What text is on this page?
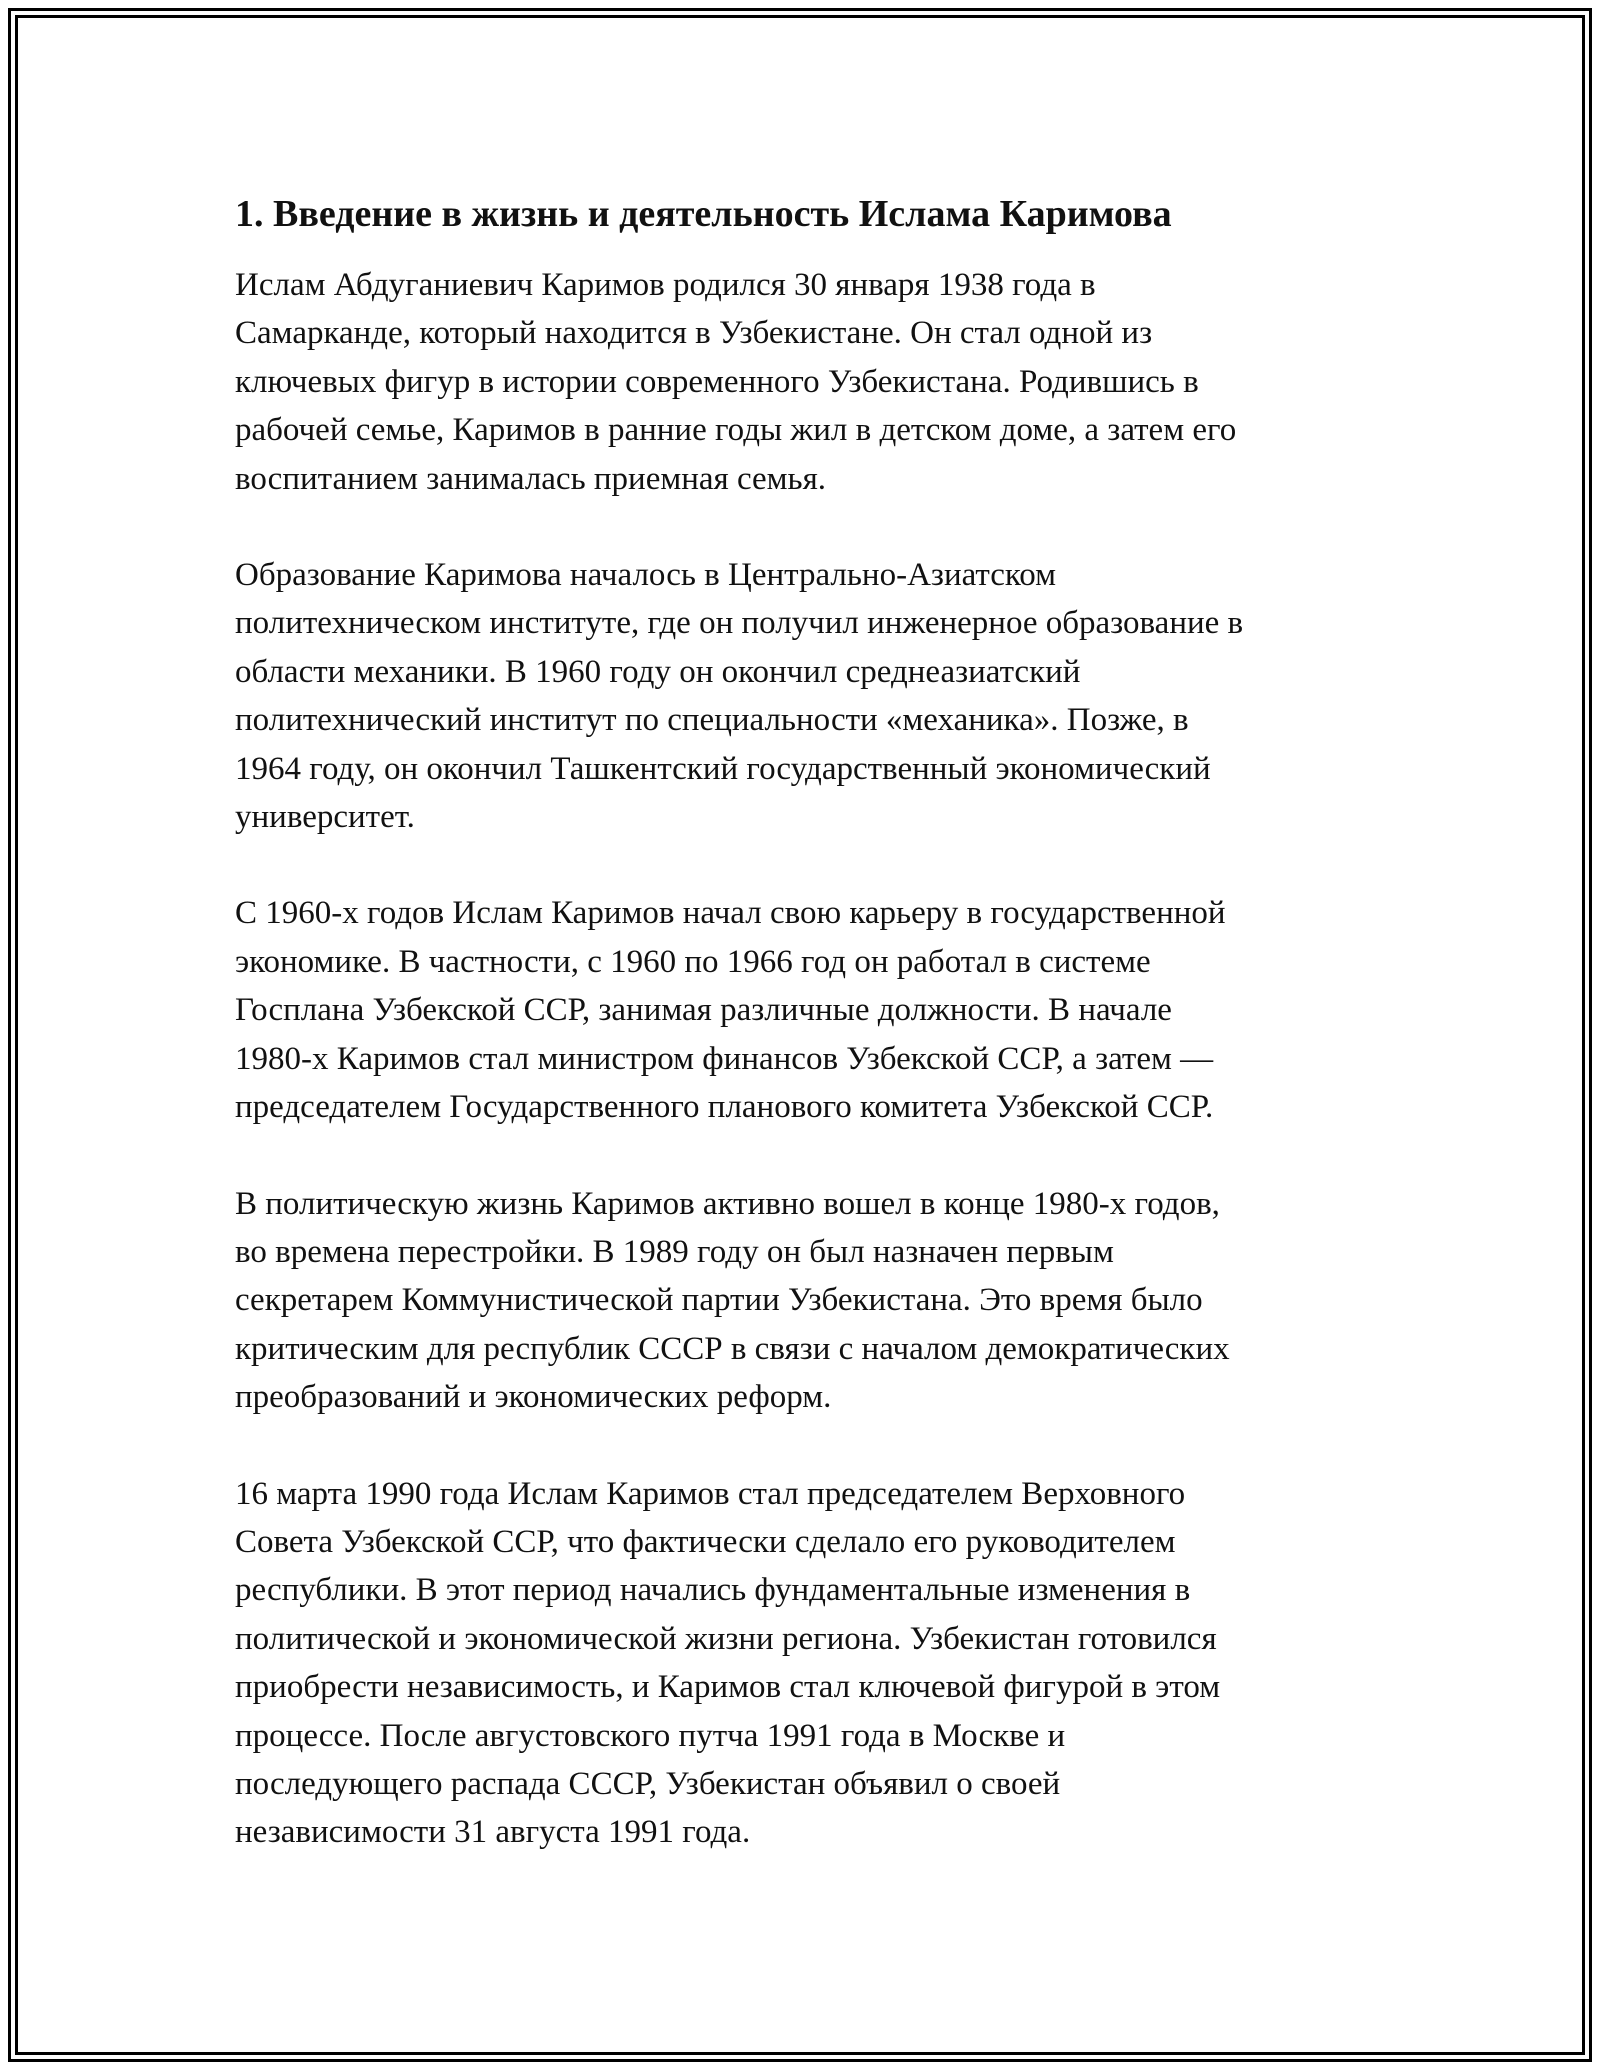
1. Введение в жизнь и деятельность Ислама Каримова

Ислам Абдуганиевич Каримов родился 30 января 1938 года в
Самарканде, который находится в Узбекистане. Он стал одной из
ключевых фигур в истории современного Узбекистана. Родившись в
рабочей семье, Каримов в ранние годы жил в детском доме, а затем его
воспитанием занималась приемная семья.

Образование Каримова началось в Центрально-Азиатском
политехническом институте, где он получил инженерное образование в
области механики. В 1960 году он окончил среднеазиатский
политехнический институт по специальности «механика». Позже, в
1964 году, он окончил Ташкентский государственный экономический
университет.

С 1960-х годов Ислам Каримов начал свою карьеру в государственной
экономике. В частности, с 1960 по 1966 год он работал в системе
Госплана Узбекской ССР, занимая различные должности. В начале
1980-х Каримов стал министром финансов Узбекской ССР, а затем —
председателем Государственного планового комитета Узбекской ССР.

В политическую жизнь Каримов активно вошел в конце 1980-х годов,
во времена перестройки. В 1989 году он был назначен первым
секретарем Коммунистической партии Узбекистана. Это время было
критическим для республик СССР в связи с началом демократических
преобразований и экономических реформ.

16 марта 1990 года Ислам Каримов стал председателем Верховного
Совета Узбекской ССР, что фактически сделало его руководителем
республики. В этот период начались фундаментальные изменения в
политической и экономической жизни региона. Узбекистан готовился
приобрести независимость, и Каримов стал ключевой фигурой в этом
процессе. После августовского путча 1991 года в Москве и
последующего распада СССР, Узбекистан объявил о своей
независимости 31 августа 1991 года.
